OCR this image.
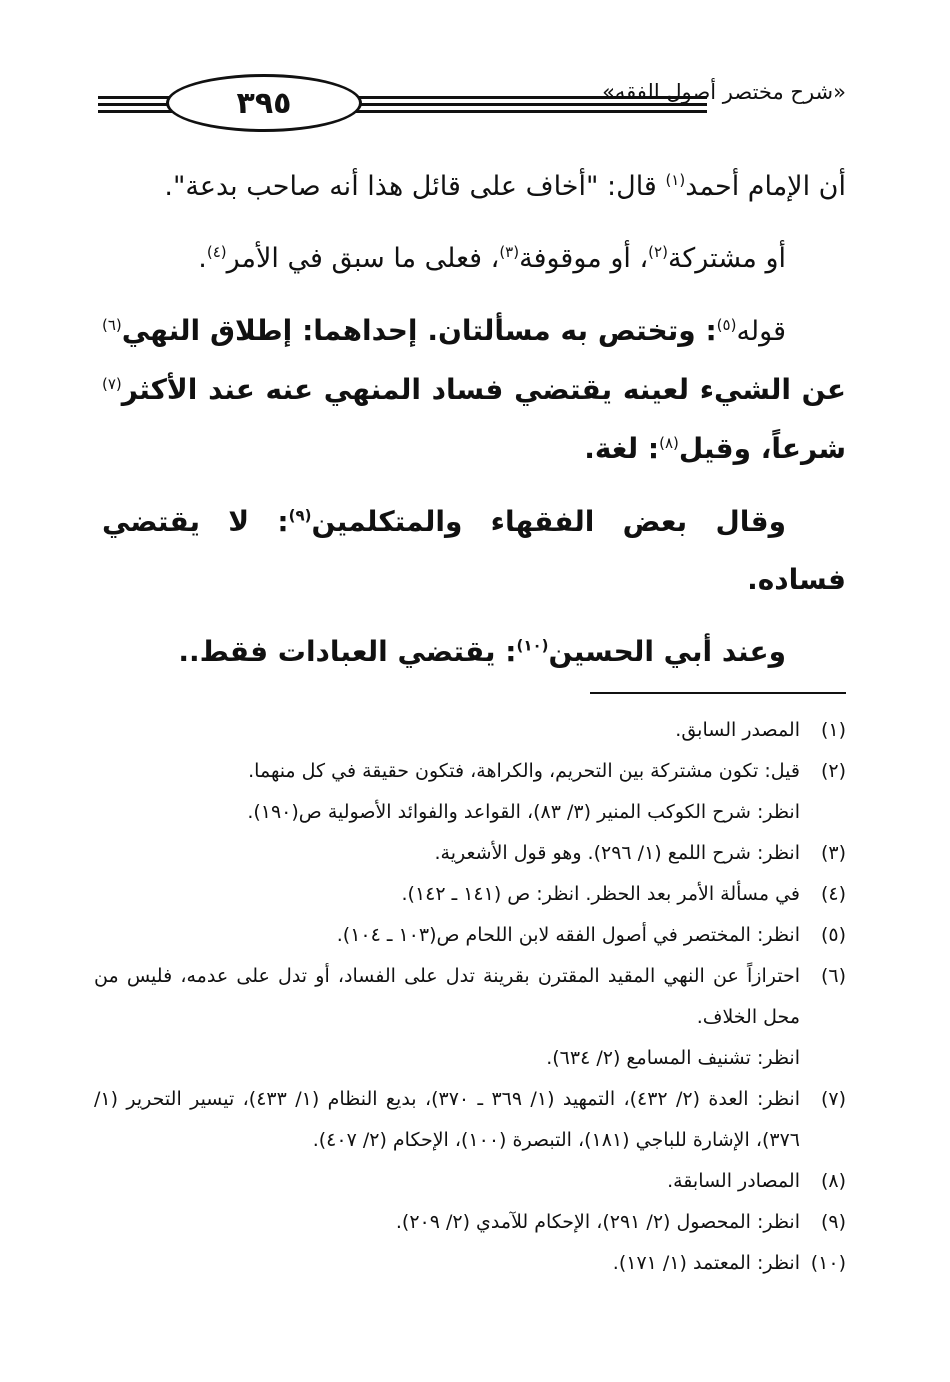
٣٩٥	«شرح مختصر أصول الفقه»

أن الإمام أحمد$^{(١)}$ قال: "أخاف على قائل هذا أنه صاحب بدعة".

أو مشتركة$^{(٢)}$، أو موقوفة$^{(٣)}$، فعلى ما سبق في الأمر$^{(٤)}$.

قوله$^{(٥)}$: وتختص به مسألتان. إحداهما: إطلاق النهي$^{(٦)}$ عن الشيء لعينه يقتضي فساد المنهي عنه عند الأكثر$^{(٧)}$ شرعاً، وقيل$^{(٨)}$: لغة.

وقال بعض الفقهاء والمتكلمين$^{(٩)}$: لا يقتضي فساده.

وعند أبي الحسين$^{(١٠)}$: يقتضي العبادات فقط..

(١)
المصدر السابق.
(٢)
قيل: تكون مشتركة بين التحريم، والكراهة، فتكون حقيقة في كل منهما.
انظر: شرح الكوكب المنير (٣/ ٨٣)، القواعد والفوائد الأصولية ص(١٩٠).
(٣)
انظر: شرح اللمع (١/ ٢٩٦). وهو قول الأشعرية.
(٤)
في مسألة الأمر بعد الحظر. انظر: ص (١٤١ ـ ١٤٢).
(٥)
انظر: المختصر في أصول الفقه لابن اللحام ص(١٠٣ ـ ١٠٤).
(٦)
احترازاً عن النهي المقيد المقترن بقرينة تدل على الفساد، أو تدل على عدمه، فليس من محل الخلاف.
انظر: تشنيف المسامع (٢/ ٦٣٤).
(٧)
انظر: العدة (٢/ ٤٣٢)، التمهيد (١/ ٣٦٩ ـ ٣٧٠)، بديع النظام (١/ ٤٣٣)، تيسير التحرير (١/ ٣٧٦)، الإشارة للباجي (١٨١)، التبصرة (١٠٠)، الإحكام (٢/ ٤٠٧).
(٨)
المصادر السابقة.
(٩)
انظر: المحصول (٢/ ٢٩١)، الإحكام للآمدي (٢/ ٢٠٩).
(١٠)
انظر: المعتمد (١/ ١٧١).
